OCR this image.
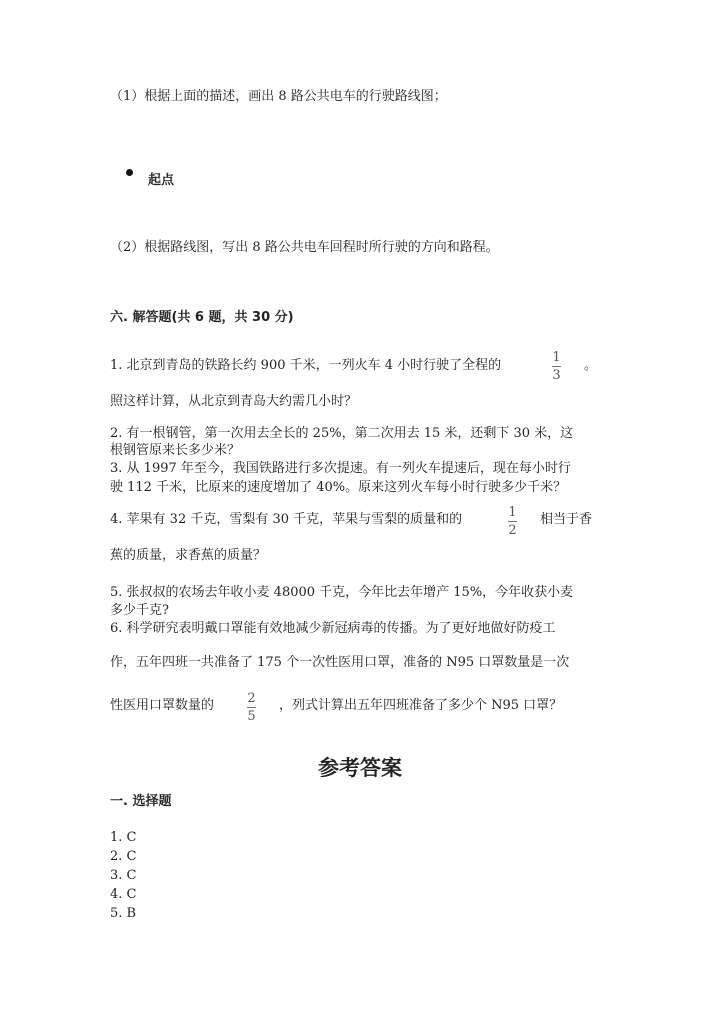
（1）根据上面的描述，画出 8 路公共电车的行驶路线图；
起点
（2）根据路线图，写出 8 路公共电车回程时所行驶的方向和路程。
六. 解答题(共 6 题，共 30 分)
1. 北京到青岛的铁路长约 900 千米，一列火车 4 小时行驶了全程的
1
3
。
照这样计算，从北京到青岛大约需几小时？
2. 有一根钢管，第一次用去全长的 25%，第二次用去 15 米，还剩下 30 米，这
根钢管原来长多少米？
3. 从 1997 年至今，我国铁路进行多次提速。有一列火车提速后，现在每小时行
驶 112 千米，比原来的速度增加了 40%。原来这列火车每小时行驶多少千米？
4. 苹果有 32 千克，雪梨有 30 千克，苹果与雪梨的质量和的	1
2
相当于香
蕉的质量，求香蕉的质量？
5. 张叔叔的农场去年收小麦 48000 千克，今年比去年增产 15%，今年收获小麦
多少千克?
6. 科学研究表明戴口罩能有效地减少新冠病毒的传播。为了更好地做好防疫工
作，五年四班一共准备了 175 个一次性医用口罩，准备的 N95 口罩数量是一次
性医用口罩数量的	2
5
，列式计算出五年四班准备了多少个 N95 口罩？
参考答案
一. 选择题
1. C
2. C
3. C
4. C
5. B
